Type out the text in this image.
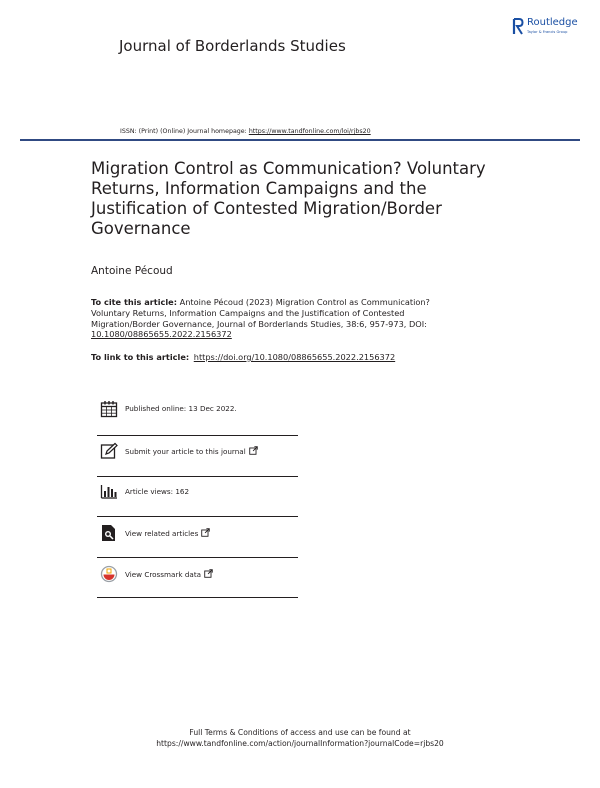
Routledge
Taylor & Francis Group
Journal of Borderlands Studies
ISSN: (Print) (Online) Journal homepage: https://www.tandfonline.com/loi/rjbs20
Migration Control as Communication? Voluntary Returns, Information Campaigns and the Justification of Contested Migration/Border Governance
Antoine Pécoud
To cite this article: Antoine Pécoud (2023) Migration Control as Communication? Voluntary Returns, Information Campaigns and the Justification of Contested Migration/Border Governance, Journal of Borderlands Studies, 38:6, 957-973, DOI: 10.1080/08865655.2022.2156372
To link to this article: https://doi.org/10.1080/08865655.2022.2156372
Published online: 13 Dec 2022.
Submit your article to this journal
Article views: 162
View related articles
View Crossmark data
Full Terms & Conditions of access and use can be found at
https://www.tandfonline.com/action/journalInformation?journalCode=rjbs20
